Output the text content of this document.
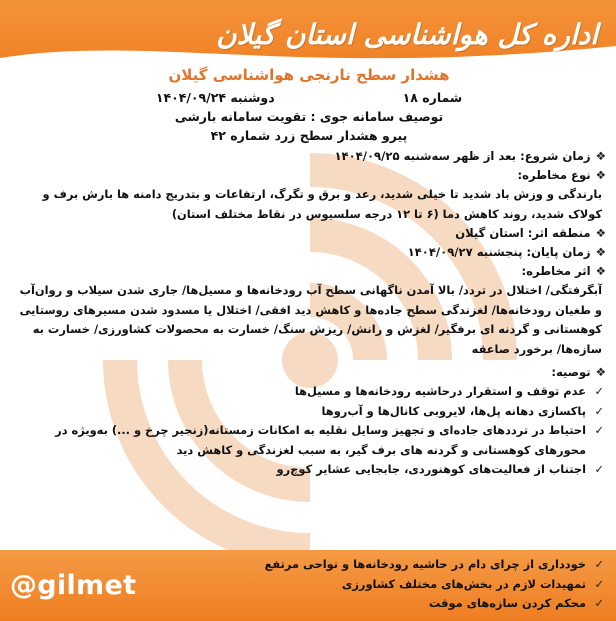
اداره کل هواشناسی استان گیلان
هشدار سطح نارنجی هواشناسی گیلان
شماره ۱۸
دوشنبه ۱۴۰۴/۰۹/۲۴
توصیف سامانه جوی : تقویت سامانه بارشی
پیرو هشدار سطح زرد شماره ۴۲
❖زمان شروع: بعد از ظهر سه‌شنبه ۱۴۰۴/۰۹/۲۵
❖نوع مخاطره:
بارندگی و وزش باد شدید تا خیلی شدید، رعد و برق و تگرگ، ارتفاعات و بتدریج دامنه ها بارش برف و کولاک شدید، روند کاهش دما (۶ تا ۱۲ درجه سلسیوس در نقاط مختلف استان)
❖منطقه اثر: استان گیلان
❖زمان پایان: پنجشنبه ۱۴۰۴/۰۹/۲۷
❖اثر مخاطره:
آبگرفتگی/ اختلال در تردد/ بالا آمدن ناگهانی سطح آب رودخانه‌ها و مسیل‌ها/ جاری شدن سیلاب و روان‌آب و طغیان رودخانه‌ها/ لغزندگی سطح جاده‌ها و کاهش دید افقی/ اختلال یا مسدود شدن مسیرهای روستایی کوهستانی و گردنه ای برفگیر/ لغزش و رانش/ ریزش سنگ/ خسارت به محصولات کشاورزی/ خسارت به سازه‌ها/ برخورد صاعقه
❖توصیه:
✓
عدم توقف و استقرار درحاشیه رودخانه‌ها و مسیل‌ها
✓
پاکسازی دهانه پل‌ها، لایروبی کانال‌ها و آب‌روها
✓
احتیاط در ترددهای جاده‌ای و تجهیز وسایل نقلیه به امکانات زمستانه(زنجیر چرخ و ...) به‌ویژه در محورهای کوهستانی و گردنه های برف گیر، به سبب لغزندگی و کاهش دید
✓
اجتناب از فعالیت‌های کوهنوردی، جابجایی عشایر کوچ‌رو
@gilmet
✓
خودداری از چرای دام در حاشیه رودخانه‌ها و نواحی مرتفع
✓
تمهیدات لازم در بخش‌های مختلف کشاورزی
✓
محکم کردن سازه‌های موقت
